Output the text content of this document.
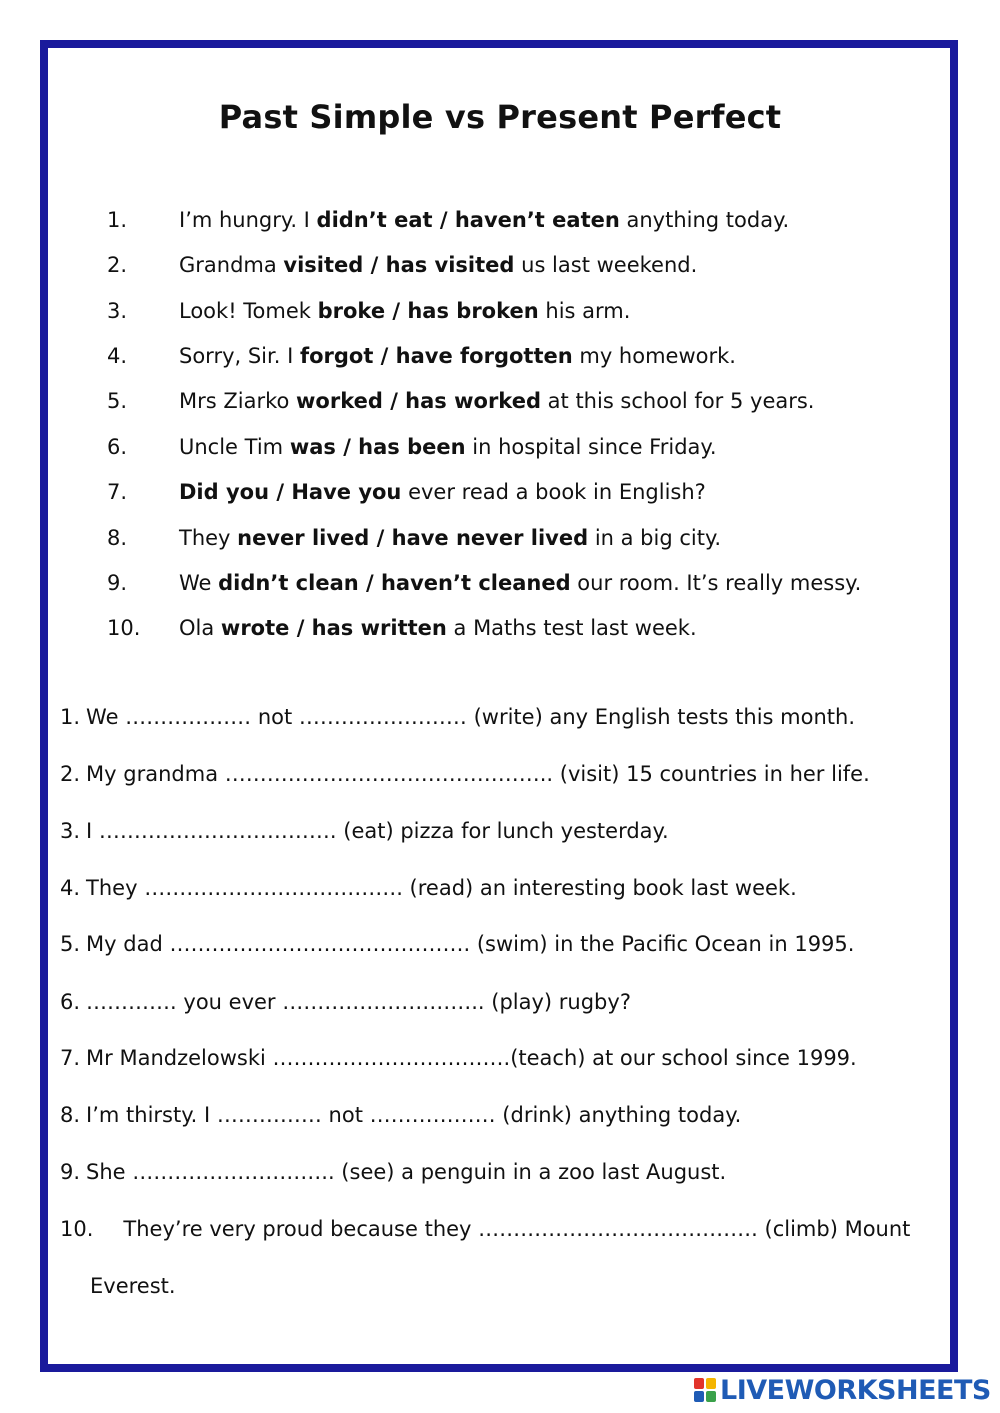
Past Simple vs Present Perfect
1. I’m hungry. I didn’t eat / haven’t eaten anything today.
2. Grandma visited / has visited us last weekend.
3. Look! Tomek broke / has broken his arm.
4. Sorry, Sir. I forgot / have forgotten my homework.
5. Mrs Ziarko worked / has worked at this school for 5 years.
6. Uncle Tim was / has been in hospital since Friday.
7. Did you / Have you ever read a book in English?
8. They never lived / have never lived in a big city.
9. We didn’t clean / haven’t cleaned our room. It’s really messy.
10. Ola wrote / has written a Maths test last week.
1. We ……………… not …………………… (write) any English tests this month.
2. My grandma ……………………………………….. (visit) 15 countries in her life.
3. I ……………………………. (eat) pizza for lunch yesterday.
4. They ………………………………. (read) an interesting book last week.
5. My dad ……………………………………. (swim) in the Pacific Ocean in 1995.
6. …………. you ever ……………………….. (play) rugby?
7. Mr Mandzelowski …………………………….(teach) at our school since 1999.
8. I’m thirsty. I …………… not ……………… (drink) anything today.
9. She ……………………….. (see) a penguin in a zoo last August.
10. They’re very proud because they …………………………………. (climb) Mount
Everest.
LIVEWORKSHEETS
